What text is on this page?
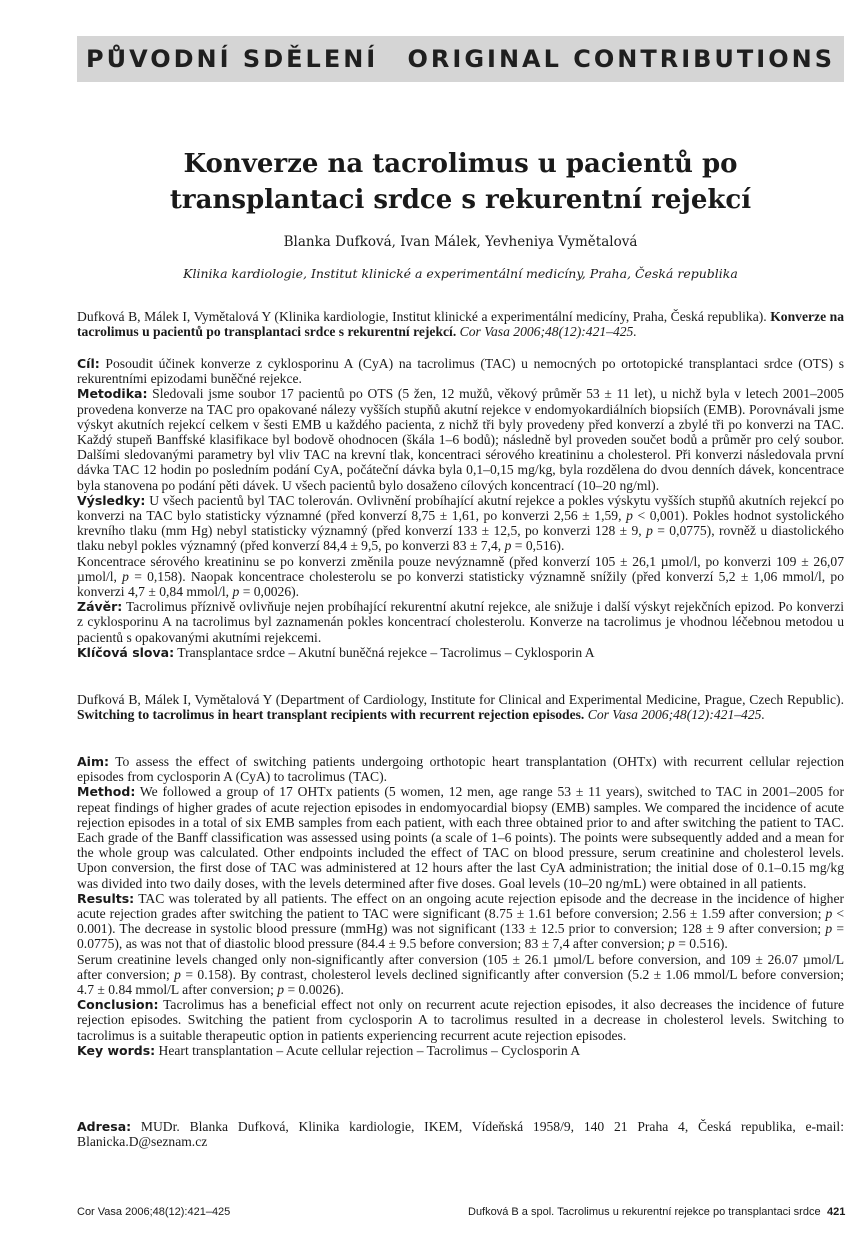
PŮVODNÍ SDĚLENÍ ORIGINAL CONTRIBUTIONS
Konverze na tacrolimus u pacientů po
transplantaci srdce s rekurentní rejekcí
Blanka Dufková, Ivan Málek, Yevheniya Vymětalová
Klinika kardiologie, Institut klinické a experimentální medicíny, Praha, Česká republika

Dufková B, Málek I, Vymětalová Y (Klinika kardiologie, Institut klinické a experimentální medicíny, Praha, Česká republika). Konverze na tacrolimus u pacientů po transplantaci srdce s rekurentní rejekcí. Cor Vasa 2006;48(12):421–425.

Cíl: Posoudit účinek konverze z cyklosporinu A (CyA) na tacrolimus (TAC) u nemocných po ortotopické transplantaci srdce (OTS) s rekurentními epizodami buněčné rejekce.

Metodika: Sledovali jsme soubor 17 pacientů po OTS (5 žen, 12 mužů, věkový průměr 53 ± 11 let), u nichž byla v letech 2001–2005 provedena konverze na TAC pro opakované nálezy vyšších stupňů akutní rejekce v endomyokardiálních biopsiích (EMB). Porovnávali jsme výskyt akutních rejekcí celkem v šesti EMB u každého pacienta, z nichž tři byly provedeny před konverzí a zbylé tři po konverzi na TAC. Každý stupeň Banffské klasifikace byl bodově ohodnocen (škála 1–6 bodů); následně byl proveden součet bodů a průměr pro celý soubor. Dalšími sledovanými parametry byl vliv TAC na krevní tlak, koncentraci sérového kreatininu a cholesterol. Při konverzi následovala první dávka TAC 12 hodin po posledním podání CyA, počáteční dávka byla 0,1–0,15 mg/kg, byla rozdělena do dvou denních dávek, koncentrace byla stanovena po podání pěti dávek. U všech pacientů bylo dosaženo cílových koncentrací (10–20 ng/ml).

Výsledky: U všech pacientů byl TAC tolerován. Ovlivnění probíhající akutní rejekce a pokles výskytu vyšších stupňů akutních rejekcí po konverzi na TAC bylo statisticky významné (před konverzí 8,75 ± 1,61, po konverzi 2,56 ± 1,59, p < 0,001). Pokles hodnot systolického krevního tlaku (mm Hg) nebyl statisticky významný (před konverzí 133 ± 12,5, po konverzi 128 ± 9, p = 0,0775), rovněž u diastolického tlaku nebyl pokles významný (před konverzí 84,4 ± 9,5, po konverzi 83 ± 7,4, p = 0,516).

Koncentrace sérového kreatininu se po konverzi změnila pouze nevýznamně (před konverzí 105 ± 26,1 µmol/l, po konverzi 109 ± 26,07 µmol/l, p = 0,158). Naopak koncentrace cholesterolu se po konverzi statisticky významně snížily (před konverzí 5,2 ± 1,06 mmol/l, po konverzi 4,7 ± 0,84 mmol/l, p = 0,0026).

Závěr: Tacrolimus příznivě ovlivňuje nejen probíhající rekurentní akutní rejekce, ale snižuje i další výskyt rejekčních epizod. Po konverzi z cyklosporinu A na tacrolimus byl zaznamenán pokles koncentrací cholesterolu. Konverze na tacrolimus je vhodnou léčebnou metodou u pacientů s opakovanými akutními rejekcemi.

Klíčová slova: Transplantace srdce – Akutní buněčná rejekce – Tacrolimus – Cyklosporin A

Dufková B, Málek I, Vymětalová Y (Department of Cardiology, Institute for Clinical and Experimental Medicine, Prague, Czech Republic). Switching to tacrolimus in heart transplant recipients with recurrent rejection episodes. Cor Vasa 2006;48(12):421–425.

Aim: To assess the effect of switching patients undergoing orthotopic heart transplantation (OHTx) with recurrent cellular rejection episodes from cyclosporin A (CyA) to tacrolimus (TAC).

Method: We followed a group of 17 OHTx patients (5 women, 12 men, age range 53 ± 11 years), switched to TAC in 2001–2005 for repeat findings of higher grades of acute rejection episodes in endomyocardial biopsy (EMB) samples. We compared the incidence of acute rejection episodes in a total of six EMB samples from each patient, with each three obtained prior to and after switching the patient to TAC. Each grade of the Banff classification was assessed using points (a scale of 1–6 points). The points were subsequently added and a mean for the whole group was calculated. Other endpoints included the effect of TAC on blood pressure, serum creatinine and cholesterol levels. Upon conversion, the first dose of TAC was administered at 12 hours after the last CyA administration; the initial dose of 0.1–0.15 mg/kg was divided into two daily doses, with the levels determined after five doses. Goal levels (10–20 ng/mL) were obtained in all patients.

Results: TAC was tolerated by all patients. The effect on an ongoing acute rejection episode and the decrease in the incidence of higher acute rejection grades after switching the patient to TAC were significant (8.75 ± 1.61 before conversion; 2.56 ± 1.59 after conversion; p < 0.001). The decrease in systolic blood pressure (mmHg) was not significant (133 ± 12.5 prior to conversion; 128 ± 9 after conversion; p = 0.0775), as was not that of diastolic blood pressure (84.4 ± 9.5 before conversion; 83 ± 7,4 after conversion; p = 0.516).

Serum creatinine levels changed only non-significantly after conversion (105 ± 26.1 µmol/L before conversion, and 109 ± 26.07 µmol/L after conversion; p = 0.158). By contrast, cholesterol levels declined significantly after conversion (5.2 ± 1.06 mmol/L before conversion; 4.7 ± 0.84 mmol/L after conversion; p = 0.0026).

Conclusion: Tacrolimus has a beneficial effect not only on recurrent acute rejection episodes, it also decreases the incidence of future rejection episodes. Switching the patient from cyclosporin A to tacrolimus resulted in a decrease in cholesterol levels. Switching to tacrolimus is a suitable therapeutic option in patients experiencing recurrent acute rejection episodes.

Key words: Heart transplantation – Acute cellular rejection – Tacrolimus – Cyclosporin A

Adresa: MUDr. Blanka Dufková, Klinika kardiologie, IKEM, Vídeňská 1958/9, 140 21 Praha 4, Česká republika, e-mail: Blanicka.D@seznam.cz

Cor Vasa 2006;48(12):421–425	Dufková B a spol. Tacrolimus u rekurentní rejekce po transplantaci srdce 421
